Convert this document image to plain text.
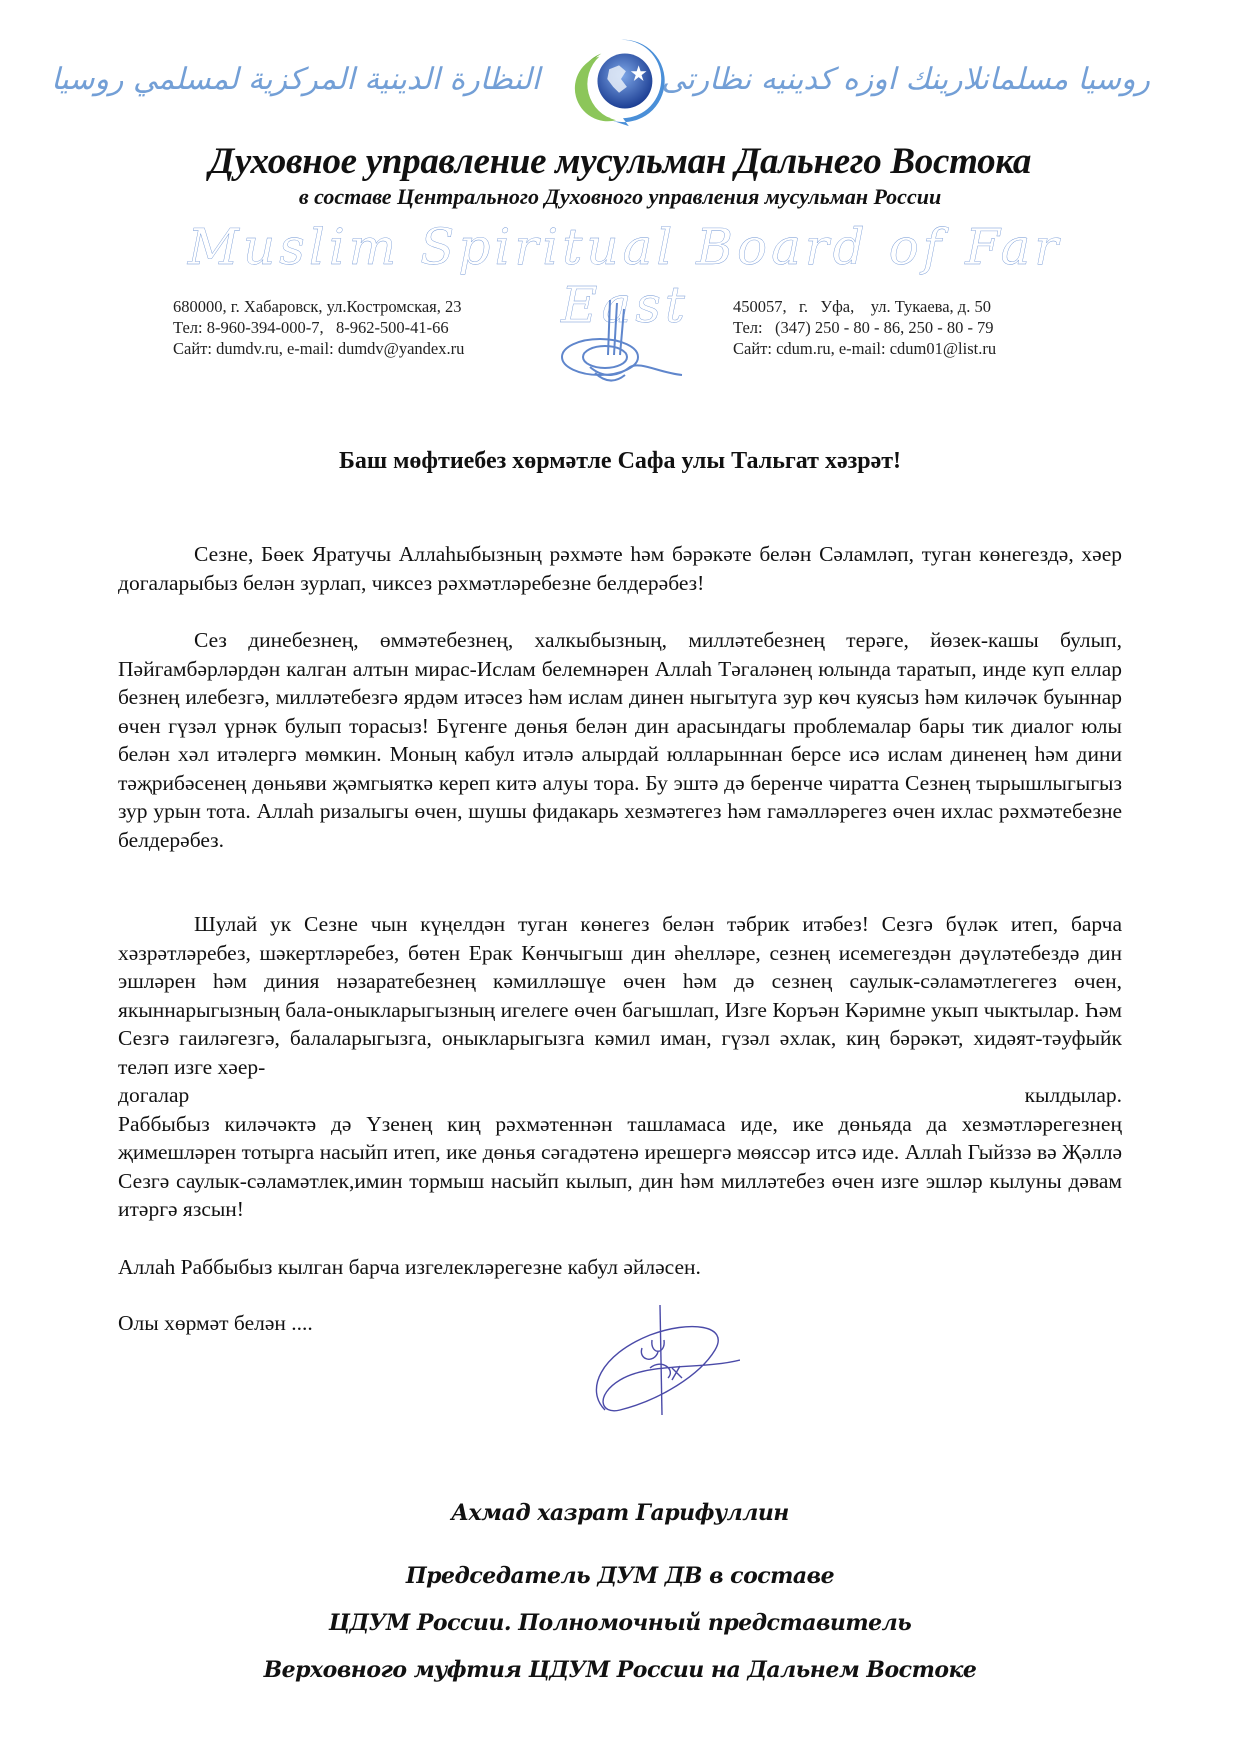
النظارة الدينية المركزية لمسلمي روسيا	روسيا مسلمانلارينك اوزه كدينيه نظارتى
Духовное управление мусульман Дальнего Востока
в составе Центрального Духовного управления мусульман России
Muslim Spiritual Board of Far East
680000, г. Хабаровск, ул.Костромская, 23
Тел: 8-960-394-000-7,   8-962-500-41-66
Сайт: dumdv.ru, e-mail: dumdv@yandex.ru
450057,   г.   Уфа,    ул. Тукаева, д. 50
Тел:   (347) 250 - 80 - 86, 250 - 80 - 79
Сайт: cdum.ru, e-mail: cdum01@list.ru
Баш мөфтиебез хөрмәтле Сафа улы Тальгат хәзрәт!

Сезне, Бөек Яратучы Аллаһыбызның рәхмәте һәм бәрәкәте белән Сәламләп, туган көнегездә, хәер догаларыбыз белән зурлап, чиксез рәхмәтләребезне белдерәбез!

Сез динебезнең, өммәтебезнең, халкыбызның, милләтебезнең терәге, йөзек-кашы булып, Пәйгамбәрләрдән калган алтын мирас-Ислам белемнәрен Аллаһ Тәгаләнең юлында таратып, инде куп еллар безнең илебезгә, милләтебезгә ярдәм итәсез һәм ислам динен ныгытуга зур көч куясыз һәм киләчәк буыннар өчен гүзәл үрнәк булып торасыз! Бүгенге дөнья белән дин арасындагы проблемалар бары тик диалог юлы белән хәл итəлергә мөмкин. Моның кабул итəлə алырдай юлларыннан берсе исә ислам диненең һәм дини тәҗрибәсенең дөньяви җәмгыяткә кереп китә алуы тора. Бу эштә дә беренче чиратта Сезнең тырышлыгыгыз зур урын тота. Аллаһ ризалыгы өчен, шушы фидакарь хезмәтегез һәм гамәлләрегез өчен ихлас рәхмәтебезне белдерәбез.

Шулай ук Сезне чын күңелдән туган көнегез белән тәбрик итәбез! Сезгә бүләк итеп, барча хәзрәтләребез, шәкертләребез, бөтен Ерак Көнчыгыш дин әһелләре, сезнең исемегездән дәүләтебездә дин эшләрен һәм диния нәзаратебезнең кәмилләшүе өчен һәм дә сезнең саулык-сәламәтлегегез өчен, якыннарыгызның бала-оныкларыгызның игелеге өчен багышлап, Изге Коръән Кәримне укып чыктылар. Һәм Сезгә гаиләгезгә, балаларыгызга, оныкларыгызга кәмил иман, гүзәл әхлак, киң бәрәкәт, хидәят-тәуфыйк теләп изге хәер-

догалар	кылдылар.

Раббыбыз киләчәктә дә Үзенең киң рәхмәтеннән ташламаса иде, ике дөньяда да хезмәтләрегезнең җимешләрен тотырга насыйп итеп, ике дөнья сәгадәтенә ирешергә мөяссәр итсә иде. Аллаһ Гыйззә вә Җәллә Сезгә саулык-сәламәтлек,имин тормыш насыйп кылып, дин һәм милләтебез өчен изге эшләр кылуны дәвам итәргә язсын!

Аллаһ Раббыбыз кылган барча изгелекләрегезне кабул әйләсен.

Олы хөрмәт белән ....

Ахмад хазрат Гарифуллин
Председатель ДУМ ДВ в составе
ЦДУМ России. Полномочный представитель
Верховного муфтия ЦДУМ России на Дальнем Востоке
